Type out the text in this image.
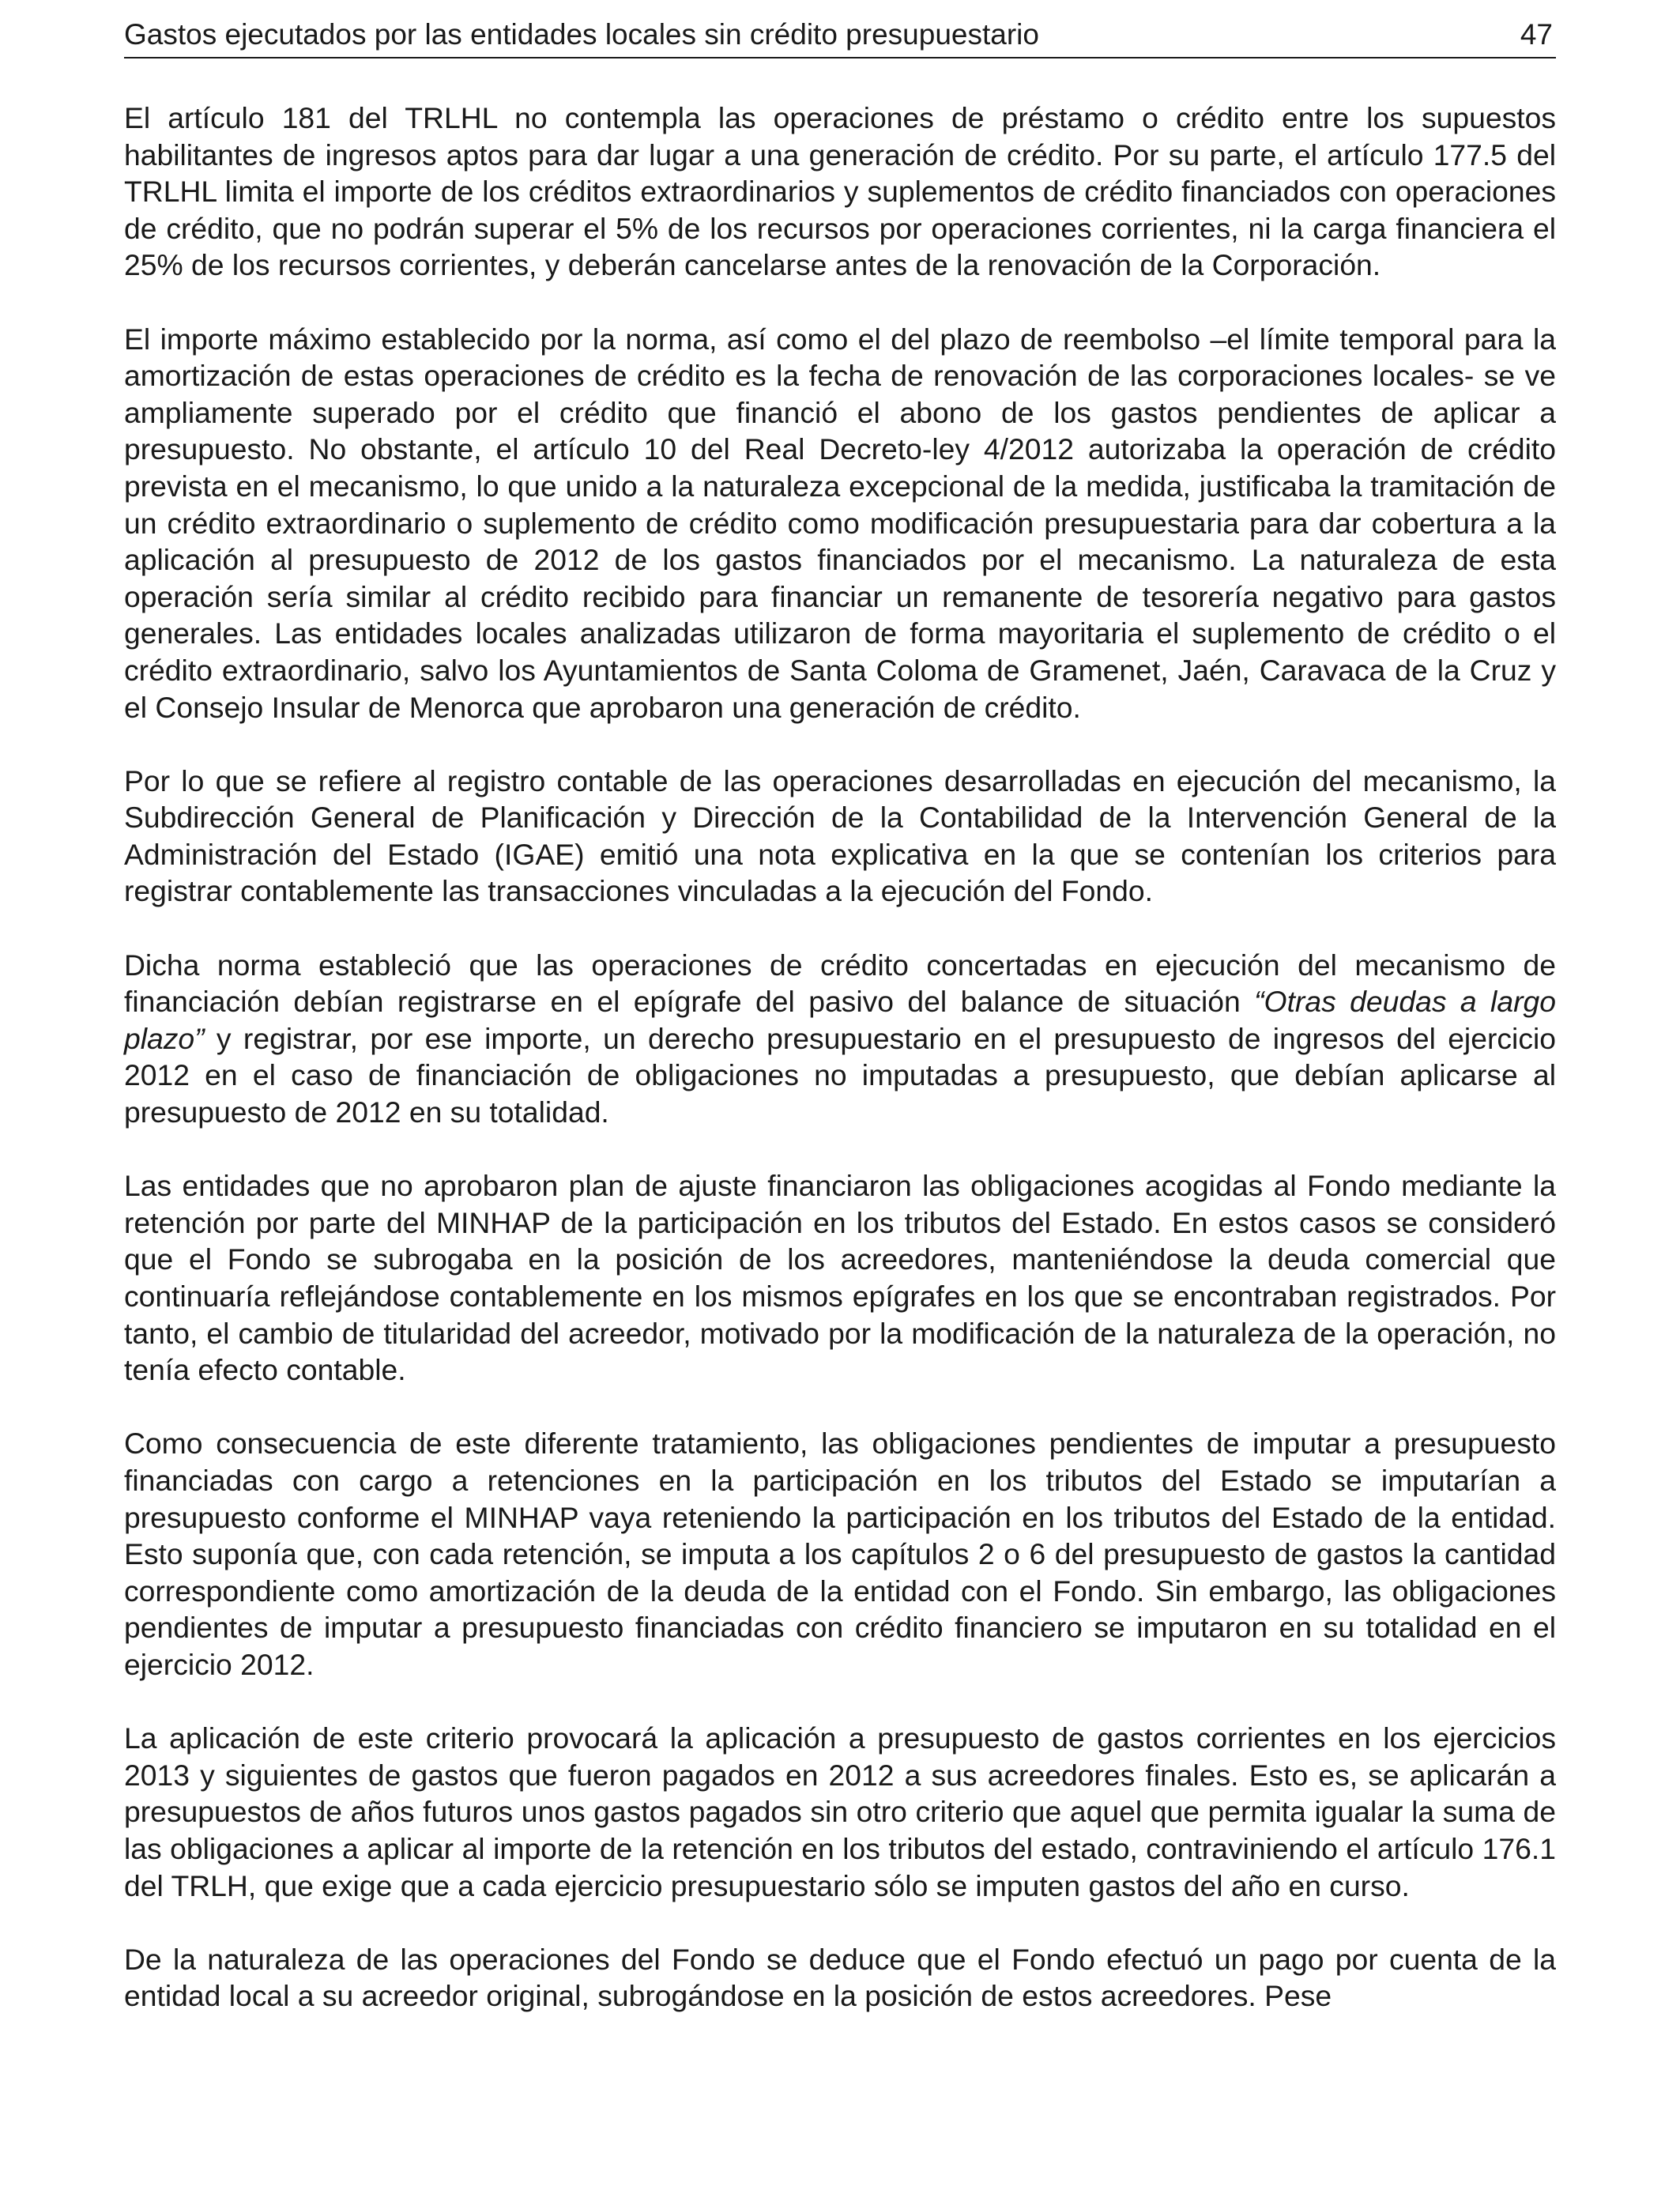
Gastos ejecutados por las entidades locales sin crédito presupuestario	47

El artículo 181 del TRLHL no contempla las operaciones de préstamo o crédito entre los supuestos habilitantes de ingresos aptos para dar lugar a una generación de crédito. Por su parte, el artículo 177.5 del TRLHL limita el importe de los créditos extraordinarios y suplementos de crédito financiados con operaciones de crédito, que no podrán superar el 5% de los recursos por operaciones corrientes, ni la carga financiera el 25% de los recursos corrientes, y deberán cancelarse antes de la renovación de la Corporación.

El importe máximo establecido por la norma, así como el del plazo de reembolso –el límite temporal para la amortización de estas operaciones de crédito es la fecha de renovación de las corporaciones locales- se ve ampliamente superado por el crédito que financió el abono de los gastos pendientes de aplicar a presupuesto. No obstante, el artículo 10 del Real Decreto-ley 4/2012 autorizaba la operación de crédito prevista en el mecanismo, lo que unido a la naturaleza excepcional de la medida, justificaba la tramitación de un crédito extraordinario o suplemento de crédito como modificación presupuestaria para dar cobertura a la aplicación al presupuesto de 2012 de los gastos financiados por el mecanismo. La naturaleza de esta operación sería similar al crédito recibido para financiar un remanente de tesorería negativo para gastos generales. Las entidades locales analizadas utilizaron de forma mayoritaria el suplemento de crédito o el crédito extraordinario, salvo los Ayuntamientos de Santa Coloma de Gramenet, Jaén, Caravaca de la Cruz y el Consejo Insular de Menorca que aprobaron una generación de crédito.

Por lo que se refiere al registro contable de las operaciones desarrolladas en ejecución del mecanismo, la Subdirección General de Planificación y Dirección de la Contabilidad de la Intervención General de la Administración del Estado (IGAE) emitió una nota explicativa en la que se contenían los criterios para registrar contablemente las transacciones vinculadas a la ejecución del Fondo.

Dicha norma estableció que las operaciones de crédito concertadas en ejecución del mecanismo de financiación debían registrarse en el epígrafe del pasivo del balance de situación “Otras deudas a largo plazo” y registrar, por ese importe, un derecho presupuestario en el presupuesto de ingresos del ejercicio 2012 en el caso de financiación de obligaciones no imputadas a presupuesto, que debían aplicarse al presupuesto de 2012 en su totalidad.

Las entidades que no aprobaron plan de ajuste financiaron las obligaciones acogidas al Fondo mediante la retención por parte del MINHAP de la participación en los tributos del Estado. En estos casos se consideró que el Fondo se subrogaba en la posición de los acreedores, manteniéndose la deuda comercial que continuaría reflejándose contablemente en los mismos epígrafes en los que se encontraban registrados. Por tanto, el cambio de titularidad del acreedor, motivado por la modificación de la naturaleza de la operación, no tenía efecto contable.

Como consecuencia de este diferente tratamiento, las obligaciones pendientes de imputar a presupuesto financiadas con cargo a retenciones en la participación en los tributos del Estado se imputarían a presupuesto conforme el MINHAP vaya reteniendo la participación en los tributos del Estado de la entidad. Esto suponía que, con cada retención, se imputa a los capítulos 2 o 6 del presupuesto de gastos la cantidad correspondiente como amortización de la deuda de la entidad con el Fondo. Sin embargo, las obligaciones pendientes de imputar a presupuesto financiadas con crédito financiero se imputaron en su totalidad en el ejercicio 2012.

La aplicación de este criterio provocará la aplicación a presupuesto de gastos corrientes en los ejercicios 2013 y siguientes de gastos que fueron pagados en 2012 a sus acreedores finales. Esto es, se aplicarán a presupuestos de años futuros unos gastos pagados sin otro criterio que aquel que permita igualar la suma de las obligaciones a aplicar al importe de la retención en los tributos del estado, contraviniendo el artículo 176.1 del TRLH, que exige que a cada ejercicio presupuestario sólo se imputen gastos del año en curso.

De la naturaleza de las operaciones del Fondo se deduce que el Fondo efectuó un pago por cuenta de la entidad local a su acreedor original, subrogándose en la posición de estos acreedores. Pese
